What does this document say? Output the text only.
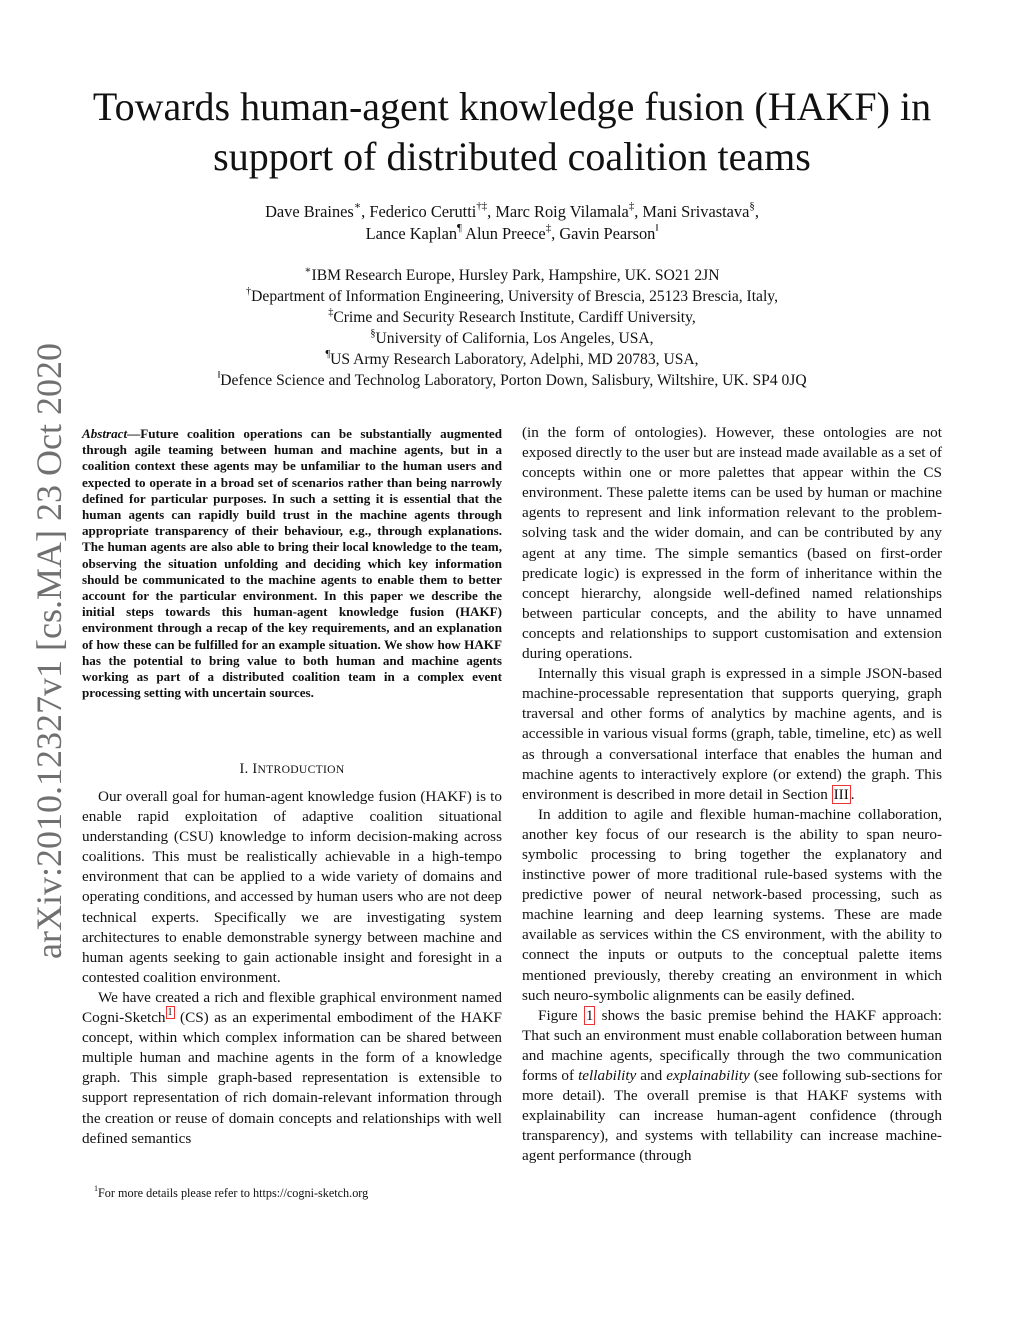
arXiv:2010.12327v1 [cs.MA] 23 Oct 2020
Towards human-agent knowledge fusion (HAKF) in
support of distributed coalition teams
Dave Braines∗, Federico Cerutti†‡, Marc Roig Vilamala‡, Mani Srivastava§,
Lance Kaplan¶ Alun Preece‡, Gavin Pearson‖
∗IBM Research Europe, Hursley Park, Hampshire, UK. SO21 2JN
†Department of Information Engineering, University of Brescia, 25123 Brescia, Italy,
‡Crime and Security Research Institute, Cardiff University,
§University of California, Los Angeles, USA,
¶US Army Research Laboratory, Adelphi, MD 20783, USA,
‖Defence Science and Technolog Laboratory, Porton Down, Salisbury, Wiltshire, UK. SP4 0JQ
Abstract—Future coalition operations can be substantially augmented through agile teaming between human and machine agents, but in a coalition context these agents may be unfamiliar to the human users and expected to operate in a broad set of scenarios rather than being narrowly defined for particular purposes. In such a setting it is essential that the human agents can rapidly build trust in the machine agents through appropriate transparency of their behaviour, e.g., through explanations. The human agents are also able to bring their local knowledge to the team, observing the situation unfolding and deciding which key information should be communicated to the machine agents to enable them to better account for the particular environment. In this paper we describe the initial steps towards this human-agent knowledge fusion (HAKF) environment through a recap of the key requirements, and an explanation of how these can be fulfilled for an example situation. We show how HAKF has the potential to bring value to both human and machine agents working as part of a distributed coalition team in a complex event processing setting with uncertain sources.
I. INTRODUCTION

Our overall goal for human-agent knowledge fusion (HAKF) is to enable rapid exploitation of adaptive coalition situational understanding (CSU) knowledge to inform decision-making across coalitions. This must be realistically achievable in a high-tempo environment that can be applied to a wide variety of domains and operating conditions, and accessed by human users who are not deep technical experts. Specifically we are investigating system architectures to enable demonstrable synergy between machine and human agents seeking to gain actionable insight and foresight in a contested coalition environment.

We have created a rich and flexible graphical environment named Cogni-Sketch $^1$ (CS) as an experimental embodiment of the HAKF concept, within which complex information can be shared between multiple human and machine agents in the form of a knowledge graph. This simple graph-based representation is extensible to support representation of rich domain-relevant information through the creation or reuse of domain concepts and relationships with well defined semantics

$^1$For more details please refer to https://cogni-sketch.org

(in the form of ontologies). However, these ontologies are not exposed directly to the user but are instead made available as a set of concepts within one or more palettes that appear within the CS environment. These palette items can be used by human or machine agents to represent and link information relevant to the problem-solving task and the wider domain, and can be contributed by any agent at any time. The simple semantics (based on first-order predicate logic) is expressed in the form of inheritance within the concept hierarchy, alongside well-defined named relationships between particular concepts, and the ability to have unnamed concepts and relationships to support customisation and extension during operations.

Internally this visual graph is expressed in a simple JSON-based machine-processable representation that supports querying, graph traversal and other forms of analytics by machine agents, and is accessible in various visual forms (graph, table, timeline, etc) as well as through a conversational interface that enables the human and machine agents to interactively explore (or extend) the graph. This environment is described in more detail in Section III .

In addition to agile and flexible human-machine collaboration, another key focus of our research is the ability to span neuro-symbolic processing to bring together the explanatory and instinctive power of more traditional rule-based systems with the predictive power of neural network-based processing, such as machine learning and deep learning systems. These are made available as services within the CS environment, with the ability to connect the inputs or outputs to the conceptual palette items mentioned previously, thereby creating an environment in which such neuro-symbolic alignments can be easily defined.

Figure 1 shows the basic premise behind the HAKF approach: That such an environment must enable collaboration between human and machine agents, specifically through the two communication forms of tellability and explainability (see following sub-sections for more detail). The overall premise is that HAKF systems with explainability can increase human-agent confidence (through transparency), and systems with tellability can increase machine-agent performance (through
